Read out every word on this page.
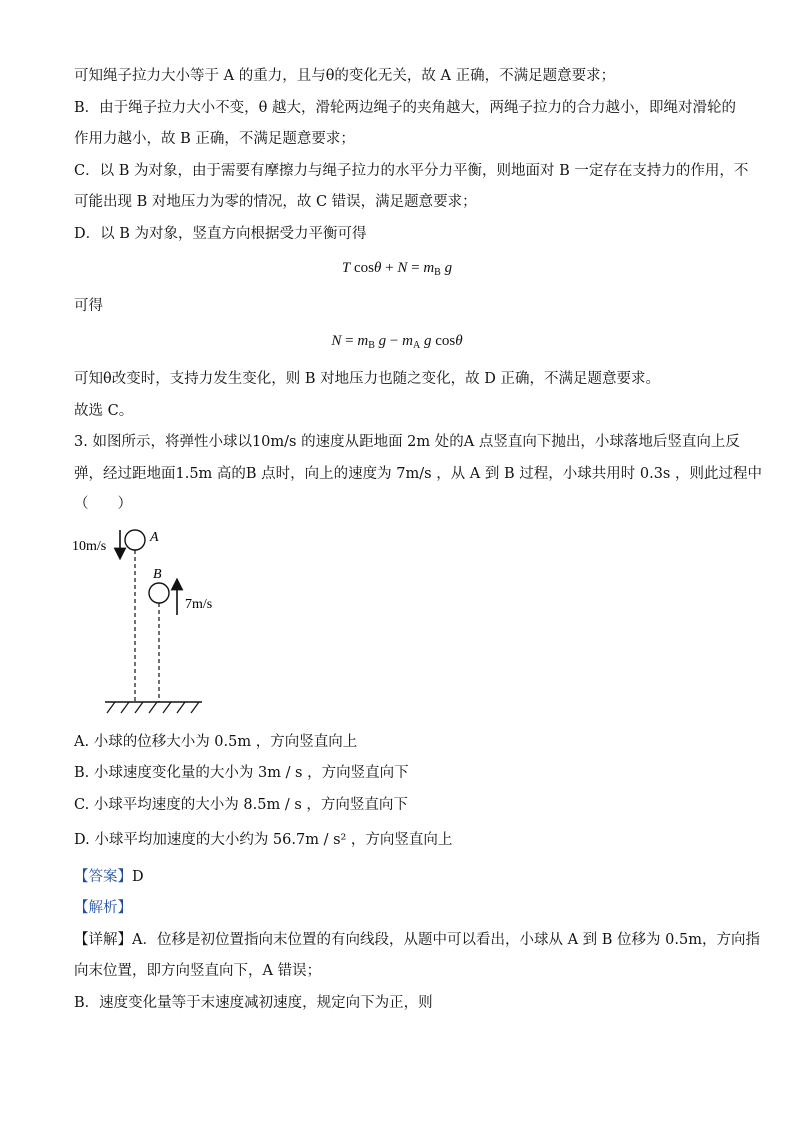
可知绳子拉力大小等于 A 的重力，且与θ的变化无关，故 A 正确，不满足题意要求；
B．由于绳子拉力大小不变，θ 越大，滑轮两边绳子的夹角越大，两绳子拉力的合力越小，即绳对滑轮的
作用力越小，故 B 正确，不满足题意要求；
C．以 B 为对象，由于需要有摩擦力与绳子拉力的水平分力平衡，则地面对 B 一定存在支持力的作用，不
可能出现 B 对地压力为零的情况，故 C 错误，满足题意要求；
D．以 B 为对象，竖直方向根据受力平衡可得
T $\cos\theta + N = m_B$ g
可得
$N = m_B$ $g - m_A$ g cosθ
可知θ改变时，支持力发生变化，则 B 对地压力也随之变化，故 D 正确，不满足题意要求。
故选 C。
3. 如图所示，将弹性小球以10m/s 的速度从距地面 2m 处的A 点竖直向下抛出，小球落地后竖直向上反
弹，经过距地面1.5m 高的B 点时，向上的速度为 7m/s ，从 A 到 B 过程，小球共用时 0.3s ，则此过程中
（　　）
10m/s
A
B
7m/s
A. 小球的位移大小为 0.5m ，方向竖直向上
B. 小球速度变化量的大小为 3m / s ，方向竖直向下
C. 小球平均速度的大小为 8.5m / s ，方向竖直向下
D. 小球平均加速度的大小约为 56.7m / s² ，方向竖直向上
【答案】D
【解析】
【详解】A．位移是初位置指向末位置的有向线段，从题中可以看出，小球从 A 到 B 位移为 0.5m，方向指
向末位置，即方向竖直向下，A 错误；
B．速度变化量等于末速度减初速度，规定向下为正，则
